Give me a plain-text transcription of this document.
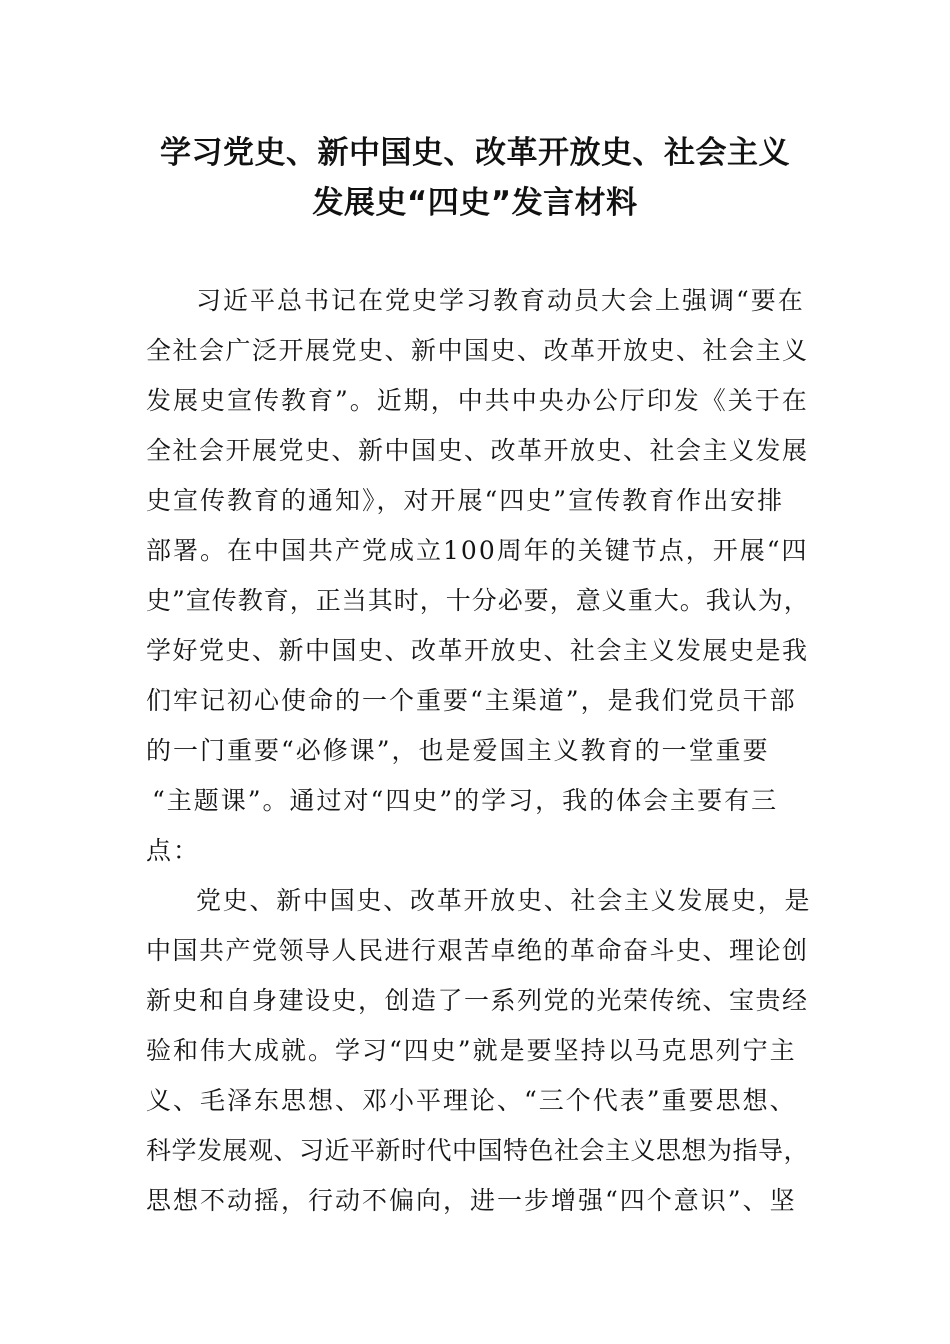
学习党史、新中国史、改革开放史、社会主义
发展史“四史”发言材料
习近平总书记在党史学习教育动员大会上强调“要在
全社会广泛开展党史、新中国史、改革开放史、社会主义
发展史宣传教育”。近期，中共中央办公厅印发《关于在
全社会开展党史、新中国史、改革开放史、社会主义发展
史宣传教育的通知》，对开展“四史”宣传教育作出安排
部署。在中国共产党成立100周年的关键节点，开展“四
史”宣传教育，正当其时，十分必要，意义重大。我认为，
学好党史、新中国史、改革开放史、社会主义发展史是我
们牢记初心使命的一个重要“主渠道”，是我们党员干部
的一门重要“必修课”，也是爱国主义教育的一堂重要
“主题课”。通过对“四史”的学习，我的体会主要有三
点：
党史、新中国史、改革开放史、社会主义发展史，是
中国共产党领导人民进行艰苦卓绝的革命奋斗史、理论创
新史和自身建设史，创造了一系列党的光荣传统、宝贵经
验和伟大成就。学习“四史”就是要坚持以马克思列宁主
义、毛泽东思想、邓小平理论、“三个代表”重要思想、
科学发展观、习近平新时代中国特色社会主义思想为指导，
思想不动摇，行动不偏向，进一步增强“四个意识”、坚
